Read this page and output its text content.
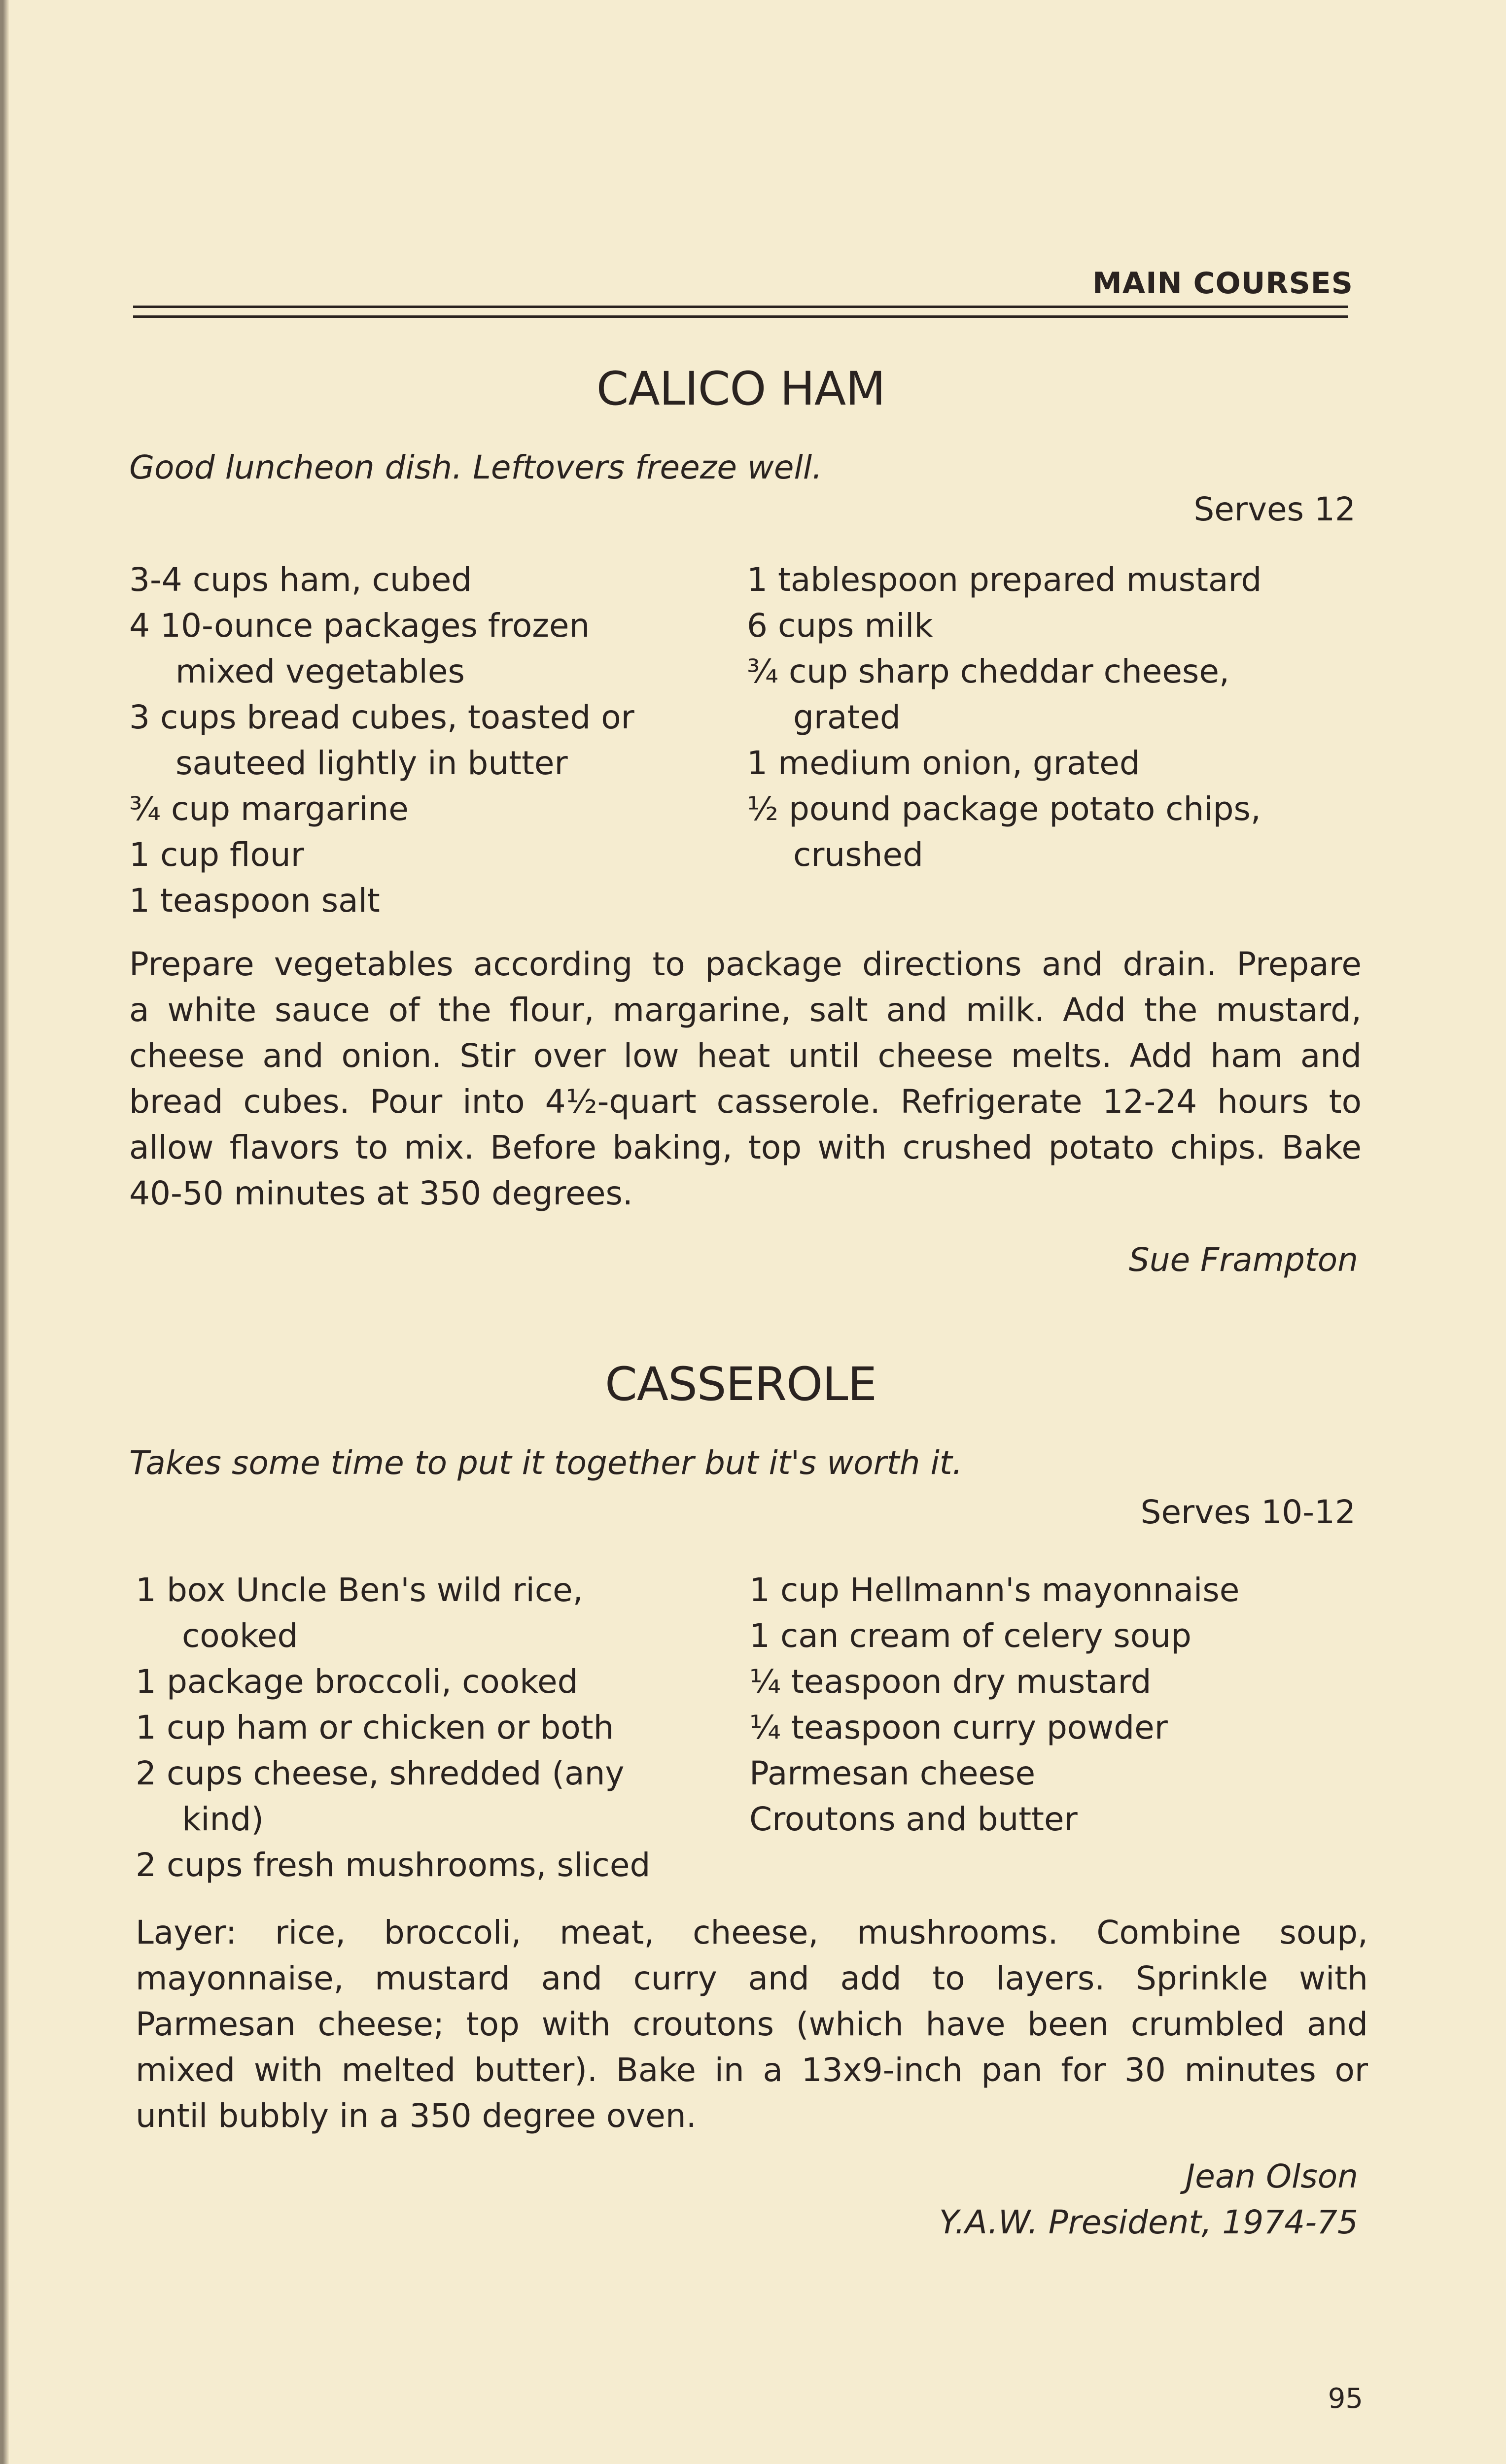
MAIN COURSES
CALICO HAM
Good luncheon dish. Leftovers freeze well.
Serves 12
3-4 cups ham, cubed
4 10-ounce packages frozen
mixed vegetables
3 cups bread cubes, toasted or
sauteed lightly in butter
¾ cup margarine
1 cup flour
1 teaspoon salt
1 tablespoon prepared mustard
6 cups milk
¾ cup sharp cheddar cheese,
grated
1 medium onion, grated
½ pound package potato chips,
crushed
Prepare vegetables according to package directions and drain. Prepare
a white sauce of the flour, margarine, salt and milk. Add the mustard,
cheese and onion. Stir over low heat until cheese melts. Add ham and
bread cubes. Pour into 4½-quart casserole. Refrigerate 12-24 hours to
allow flavors to mix. Before baking, top with crushed potato chips. Bake
40-50 minutes at 350 degrees.
Sue Frampton
CASSEROLE
Takes some time to put it together but it's worth it.
Serves 10-12
1 box Uncle Ben's wild rice,
cooked
1 package broccoli, cooked
1 cup ham or chicken or both
2 cups cheese, shredded (any
kind)
2 cups fresh mushrooms, sliced
1 cup Hellmann's mayonnaise
1 can cream of celery soup
¼ teaspoon dry mustard
¼ teaspoon curry powder
Parmesan cheese
Croutons and butter
Layer: rice, broccoli, meat, cheese, mushrooms. Combine soup,
mayonnaise, mustard and curry and add to layers. Sprinkle with
Parmesan cheese; top with croutons (which have been crumbled and
mixed with melted butter). Bake in a 13x9-inch pan for 30 minutes or
until bubbly in a 350 degree oven.
Jean Olson
Y.A.W. President, 1974-75
95
